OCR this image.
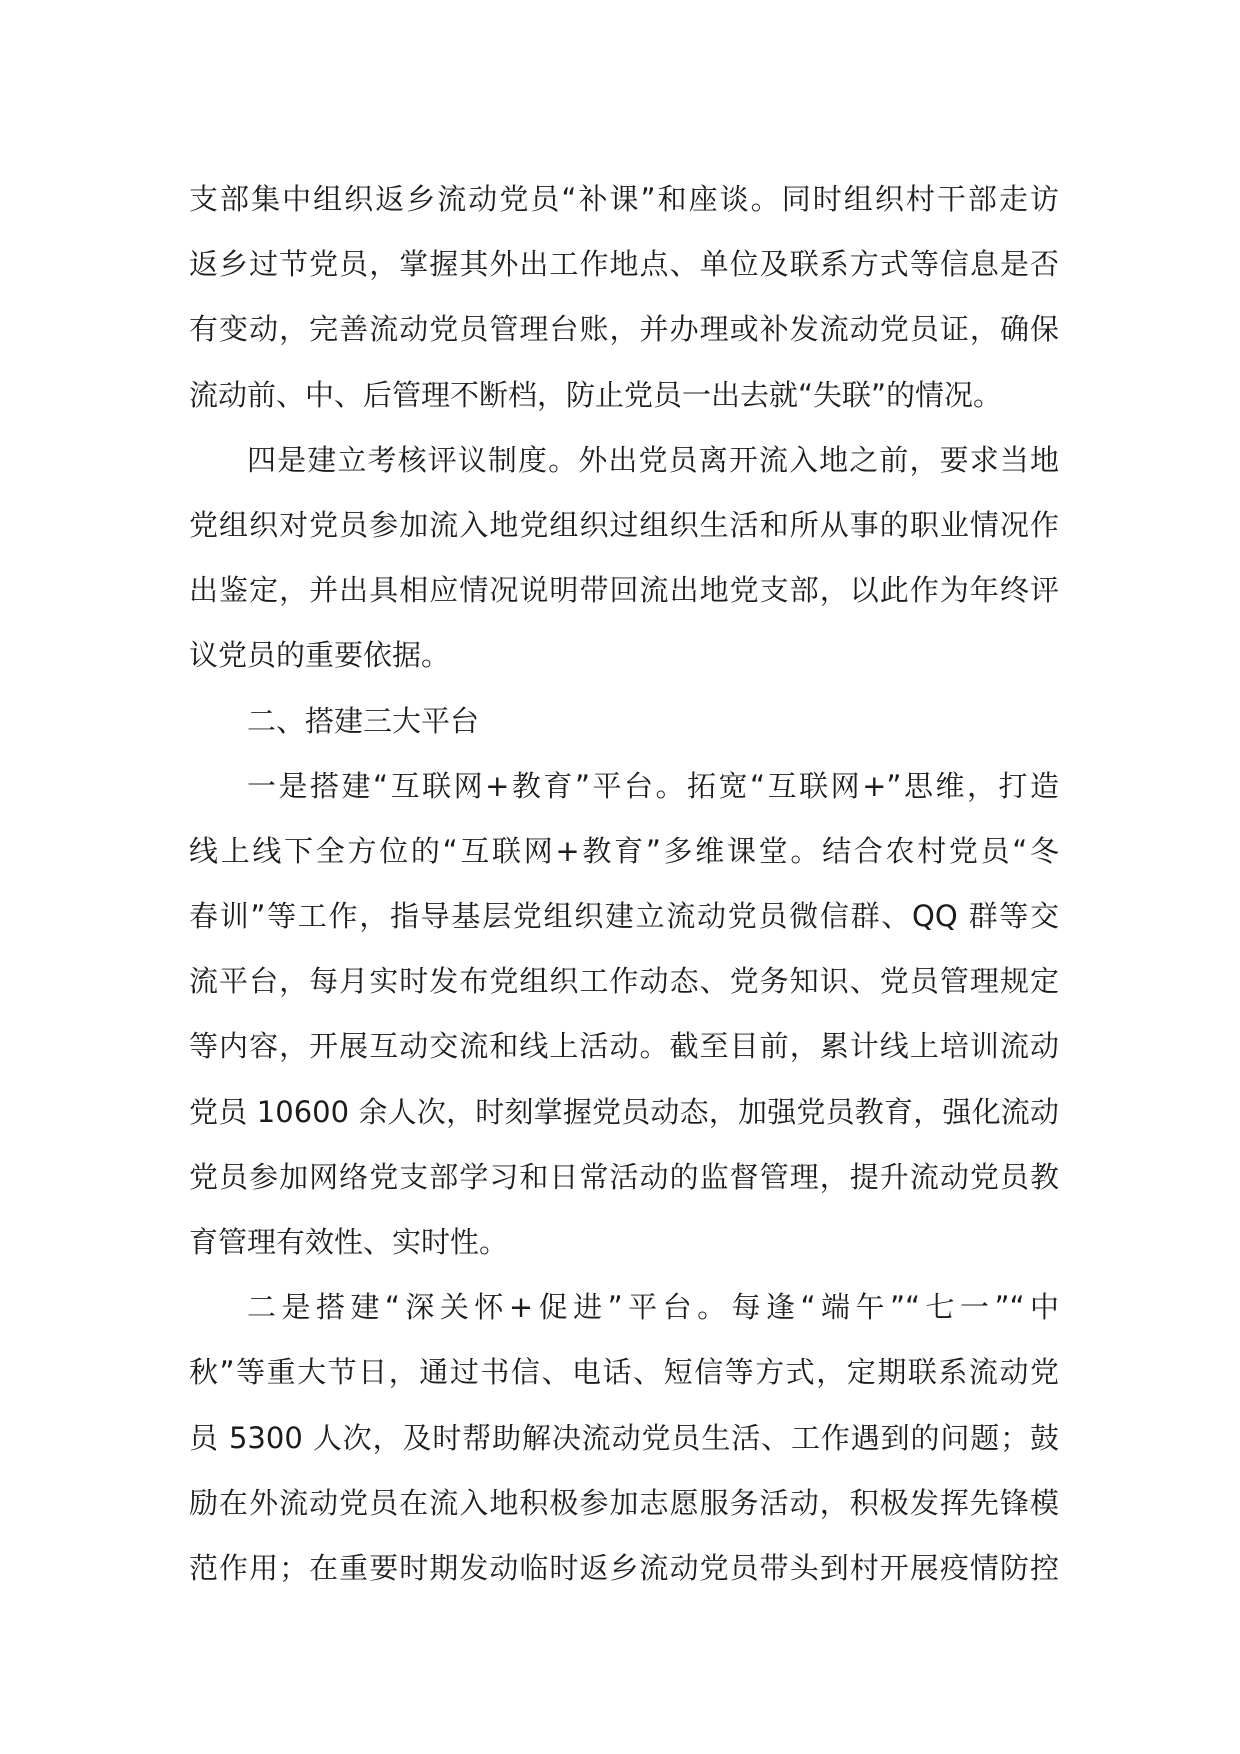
支部集中组织返乡流动党员“补课”和座谈。同时组织村干部走访
返乡过节党员，掌握其外出工作地点、单位及联系方式等信息是否
有变动，完善流动党员管理台账，并办理或补发流动党员证，确保
流动前、中、后管理不断档，防止党员一出去就“失联”的情况。
四是建立考核评议制度。外出党员离开流入地之前，要求当地
党组织对党员参加流入地党组织过组织生活和所从事的职业情况作
出鉴定，并出具相应情况说明带回流出地党支部，以此作为年终评
议党员的重要依据。
二、搭建三大平台
一是搭建“互联网+教育”平台。拓宽“互联网+”思维，打造
线上线下全方位的“互联网+教育”多维课堂。结合农村党员“冬
春训”等工作，指导基层党组织建立流动党员微信群、QQ 群等交
流平台，每月实时发布党组织工作动态、党务知识、党员管理规定
等内容，开展互动交流和线上活动。截至目前，累计线上培训流动
党员 10600 余人次，时刻掌握党员动态，加强党员教育，强化流动
党员参加网络党支部学习和日常活动的监督管理，提升流动党员教
育管理有效性、实时性。
二是搭建“深关怀+促进”平台。每逢“端午”“七一”“中
秋”等重大节日，通过书信、电话、短信等方式，定期联系流动党
员 5300 人次，及时帮助解决流动党员生活、工作遇到的问题；鼓
励在外流动党员在流入地积极参加志愿服务活动，积极发挥先锋模
范作用；在重要时期发动临时返乡流动党员带头到村开展疫情防控
